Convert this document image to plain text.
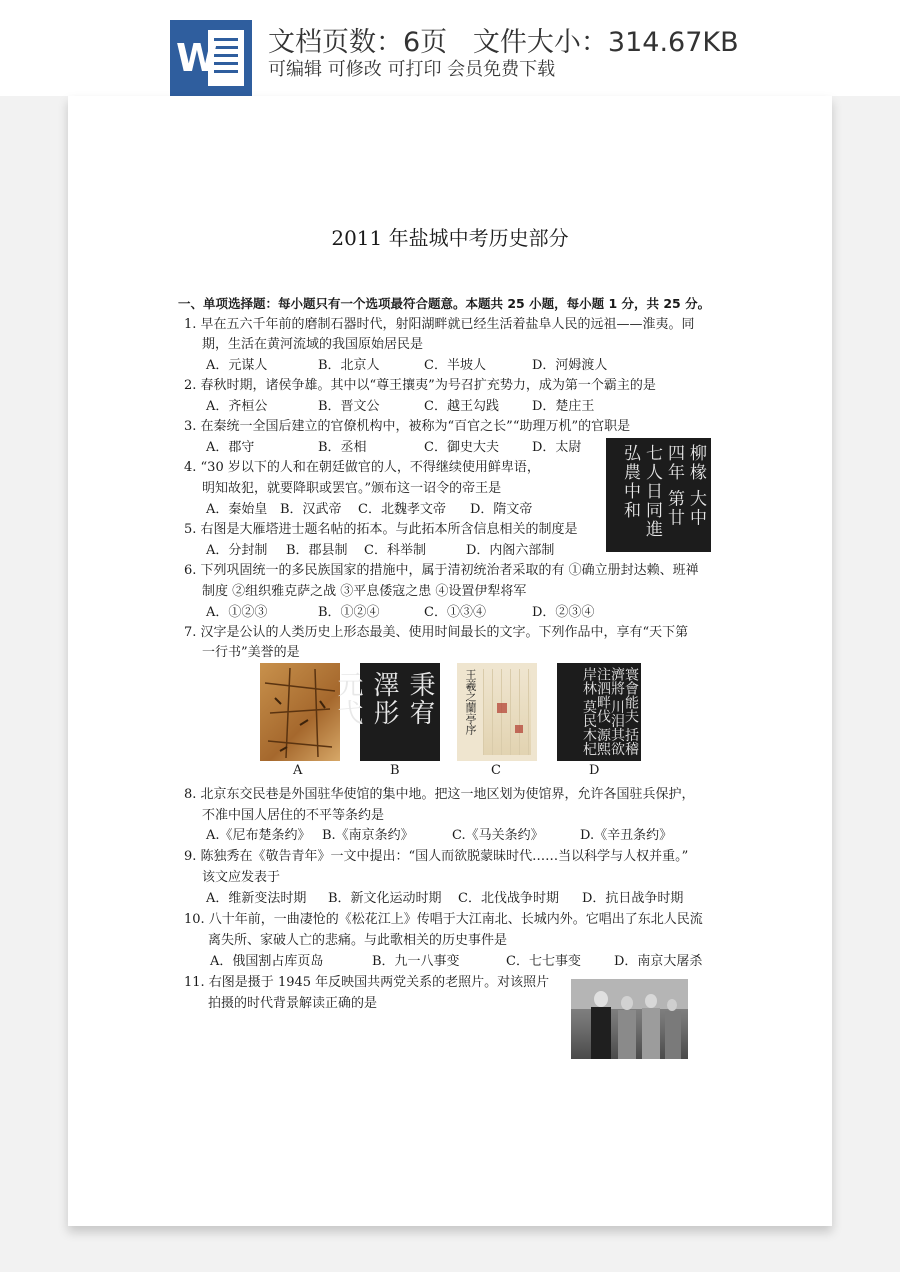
W 文档页数：6页   文件大小：314.67KB
可编辑 可修改 可打印 会员免费下载
2011 年盐城中考历史部分
一、单项选择题：每小题只有一个选项最符合题意。本题共 25 小题，每小题 1 分，共 25 分。
1. 早在五六千年前的磨制石器时代，射阳湖畔就已经生活着盐阜人民的远祖——淮夷。同
期，生活在黄河流域的我国原始居民是
A．元谋人	B．北京人	C．半坡人	D．河姆渡人
2. 春秋时期，诸侯争雄。其中以“尊王攘夷”为号召扩充势力，成为第一个霸主的是
A．齐桓公	B．晋文公	C．越王勾践	D．楚庄王
3. 在秦统一全国后建立的官僚机构中，被称为“百官之长”“助理万机”的官职是
A．郡守	B．丞相	C．御史大夫	D．太尉	柳椽 大中四年 第廿七人日同進 弘農中和
4. “30 岁以下的人和在朝廷做官的人，不得继续使用鲜卑语，
明知故犯，就要降职或罢官。”颁布这一诏令的帝王是
A．秦始皇 B．汉武帝 C．北魏孝文帝 D．隋文帝
5. 右图是大雁塔进士题名帖的拓本。与此拓本所含信息相关的制度是
A．分封制 B．郡县制 C．科举制	D．内阁六部制
6. 下列巩固统一的多民族国家的措施中，属于清初统治者采取的有 ①确立册封达赖、班禅
制度 ②组织雅克萨之战 ③平息倭寇之患 ④设置伊犁将军
A．①②③	B．①②④	C．①③④	D．②③④
7. 汉字是公认的人类历史上形态最美、使用时间最长的文字。下列作品中，享有“天下第
一行书”美誉的是
秉宥 澤彤 元弋	王羲之蘭亭序	寰會能夫 括稽濟將 川泪其欲 注泗畔伐 源熙岸林 莫民木杞
A	B	C	D
8. 北京东交民巷是外国驻华使馆的集中地。把这一地区划为使馆界，允许各国驻兵保护，
不准中国人居住的不平等条约是
A.《尼布楚条约》 B.《南京条约》	C.《马关条约》	D.《辛丑条约》
9. 陈独秀在《敬告青年》一文中提出：“国人而欲脱蒙昧时代……当以科学与人权并重。”
该文应发表于
A．维新变法时期 B．新文化运动时期 C．北伐战争时期 D．抗日战争时期
10. 八十年前，一曲凄怆的《松花江上》传唱于大江南北、长城内外。它唱出了东北人民流
离失所、家破人亡的悲痛。与此歌相关的历史事件是
A．俄国割占库页岛	B．九一八事变	C．七七事变	D．南京大屠杀
11. 右图是摄于 1945 年反映国共两党关系的老照片。对该照片
拍摄的时代背景解读正确的是
